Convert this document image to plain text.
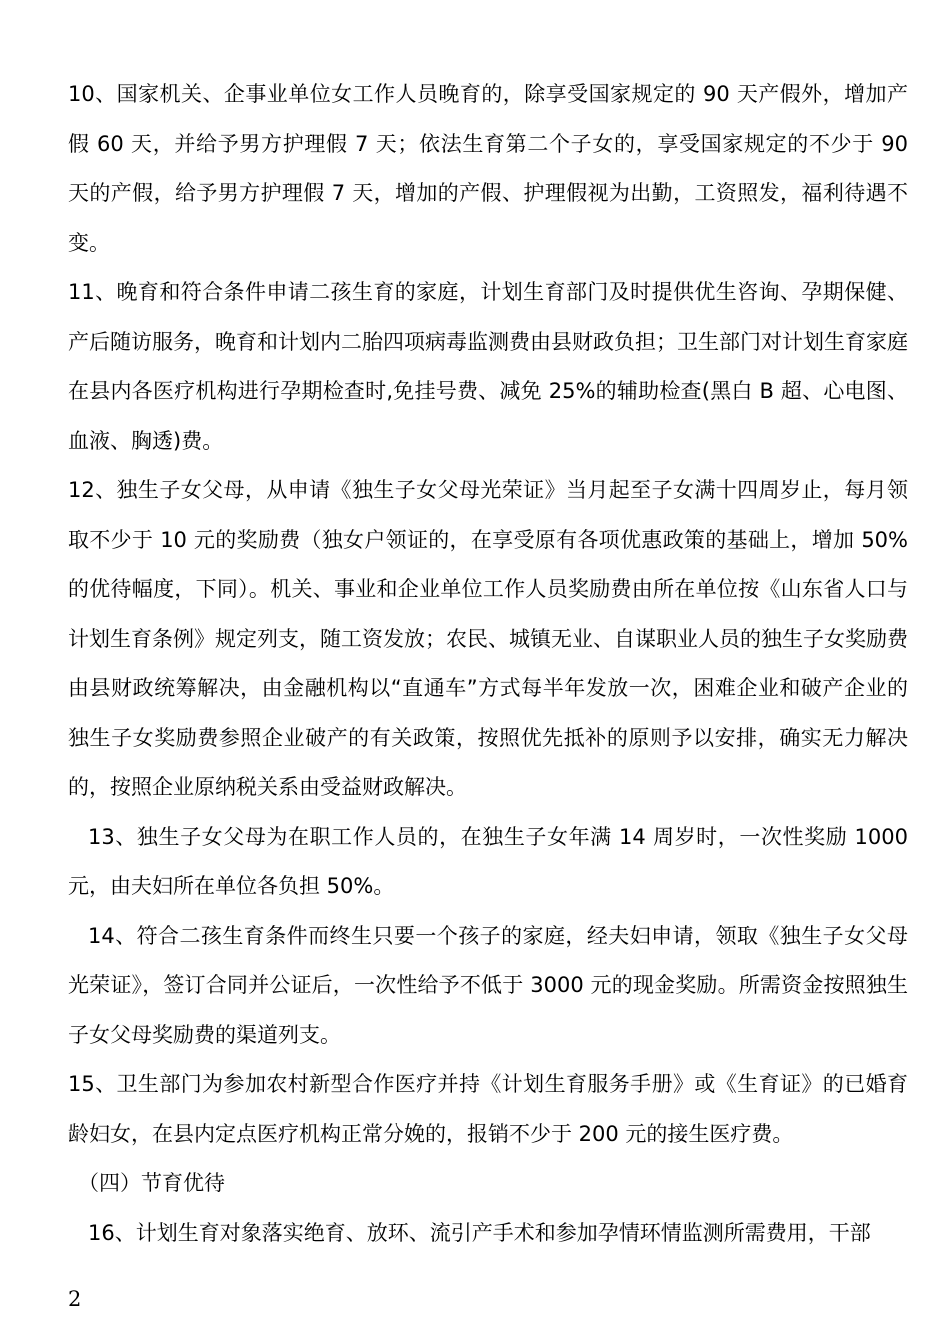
10、国家机关、企事业单位女工作人员晚育的，除享受国家规定的 90 天产假外，增加产假 60 天，并给予男方护理假 7 天；依法生育第二个子女的，享受国家规定的不少于 90 天的产假，给予男方护理假 7 天，增加的产假、护理假视为出勤，工资照发，福利待遇不变。

11、晚育和符合条件申请二孩生育的家庭，计划生育部门及时提供优生咨询、孕期保健、产后随访服务，晚育和计划内二胎四项病毒监测费由县财政负担；卫生部门对计划生育家庭在县内各医疗机构进行孕期检查时,免挂号费、减免 25%的辅助检查(黑白 B 超、心电图、血液、胸透)费。

12、独生子女父母，从申请《独生子女父母光荣证》当月起至子女满十四周岁止，每月领取不少于 10 元的奖励费（独女户领证的，在享受原有各项优惠政策的基础上，增加 50%的优待幅度，下同）。机关、事业和企业单位工作人员奖励费由所在单位按《山东省人口与计划生育条例》规定列支，随工资发放；农民、城镇无业、自谋职业人员的独生子女奖励费由县财政统筹解决，由金融机构以“直通车”方式每半年发放一次，困难企业和破产企业的独生子女奖励费参照企业破产的有关政策，按照优先抵补的原则予以安排，确实无力解决的，按照企业原纳税关系由受益财政解决。

13、独生子女父母为在职工作人员的，在独生子女年满 14 周岁时，一次性奖励 1000 元，由夫妇所在单位各负担 50%。

14、符合二孩生育条件而终生只要一个孩子的家庭，经夫妇申请，领取《独生子女父母光荣证》，签订合同并公证后，一次性给予不低于 3000 元的现金奖励。所需资金按照独生子女父母奖励费的渠道列支。

15、卫生部门为参加农村新型合作医疗并持《计划生育服务手册》或《生育证》的已婚育龄妇女，在县内定点医疗机构正常分娩的，报销不少于 200 元的接生医疗费。

（四）节育优待

16、计划生育对象落实绝育、放环、流引产手术和参加孕情环情监测所需费用，干部

2
